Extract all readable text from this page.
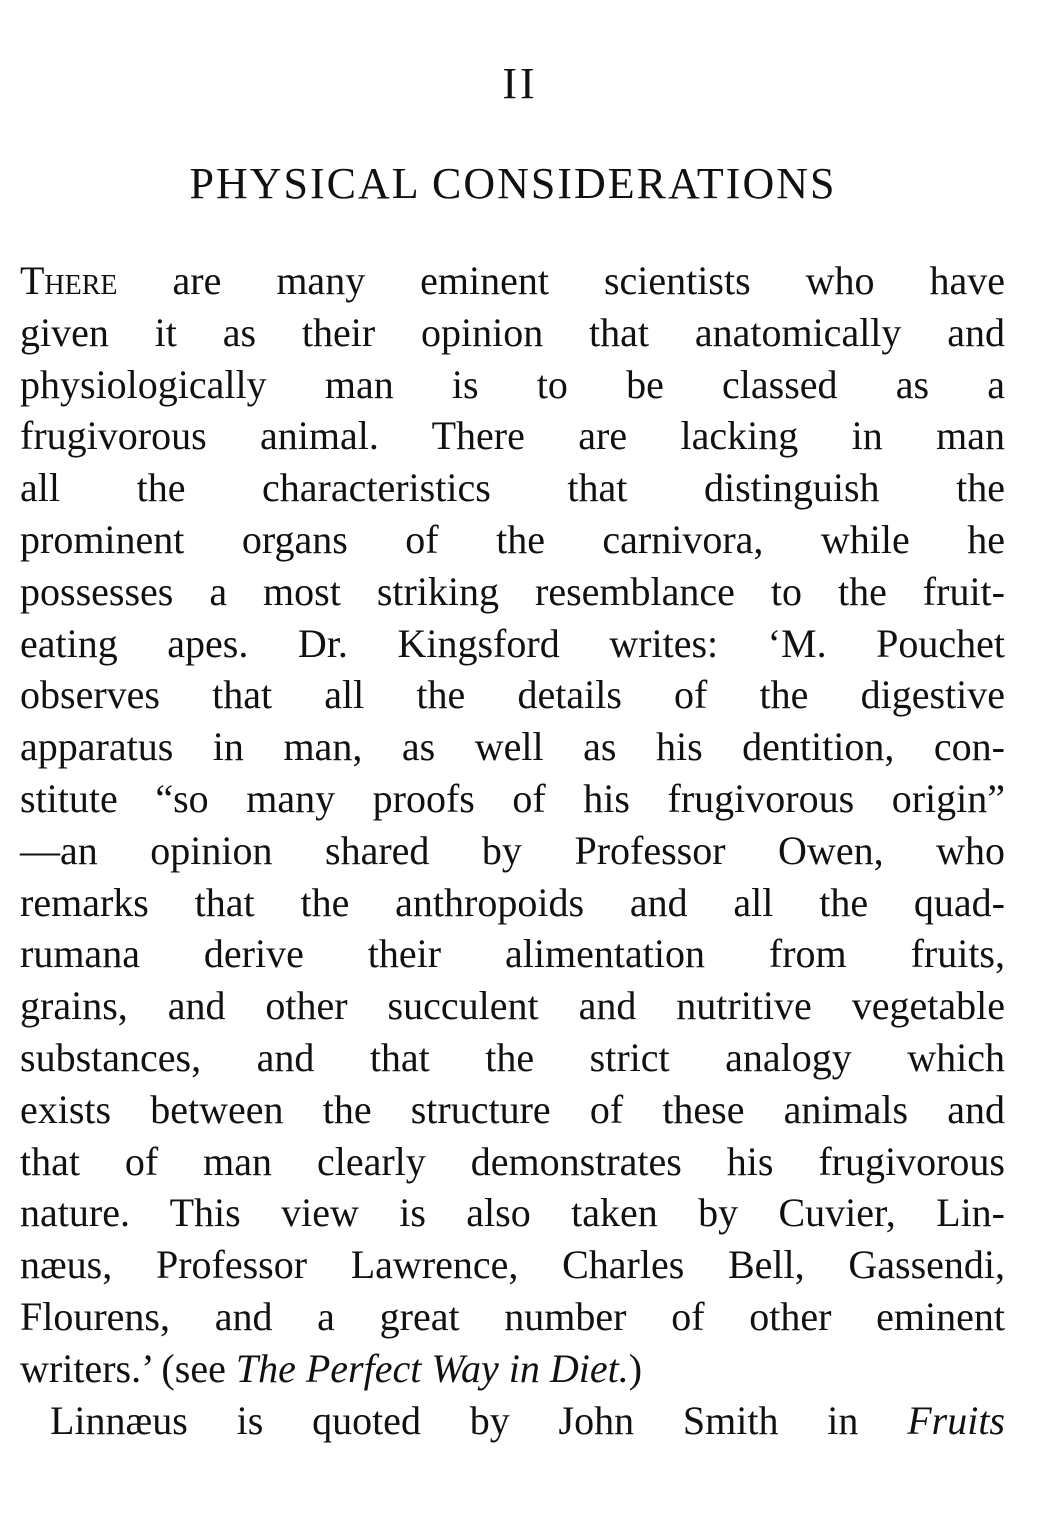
II
PHYSICAL CONSIDERATIONS
There are many eminent scientists who have
given it as their opinion that anatomically and
physiologically man is to be classed as a
frugivorous animal. There are lacking in man
all the characteristics that distinguish the
prominent organs of the carnivora, while he
possesses a most striking resemblance to the fruit-
eating apes. Dr. Kingsford writes: ‘M. Pouchet
observes that all the details of the digestive
apparatus in man, as well as his dentition, con-
stitute “so many proofs of his frugivorous origin”
—an opinion shared by Professor Owen, who
remarks that the anthropoids and all the quad-
rumana derive their alimentation from fruits,
grains, and other succulent and nutritive vegetable
substances, and that the strict analogy which
exists between the structure of these animals and
that of man clearly demonstrates his frugivorous
nature. This view is also taken by Cuvier, Lin-
næus, Professor Lawrence, Charles Bell, Gassendi,
Flourens, and a great number of other eminent
writers.’ (see The Perfect Way in Diet.)
Linnæus is quoted by John Smith in Fruits
